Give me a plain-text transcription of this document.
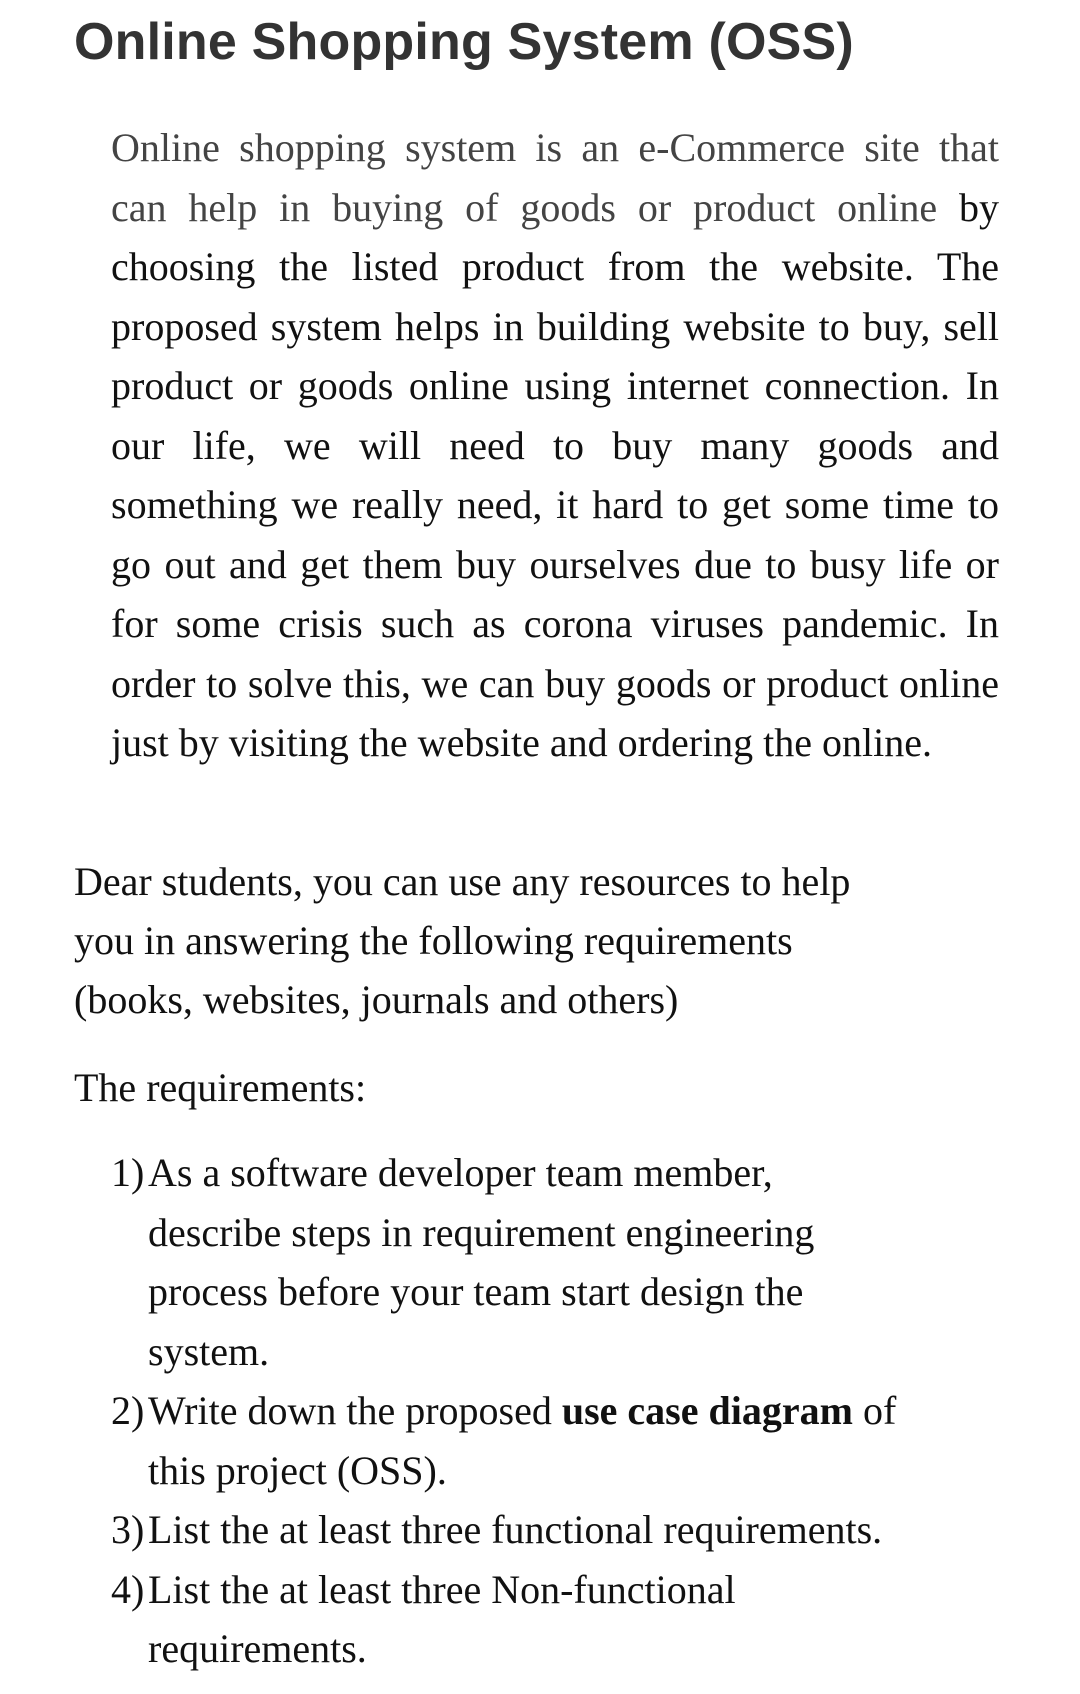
Online Shopping System (OSS)

Online shopping system is an e-Commerce site that can help in buying of goods or product online by choosing the listed product from the website. The proposed system helps in building website to buy, sell product or goods online using internet connection. In our life, we will need to buy many goods and something we really need, it hard to get some time to go out and get them buy ourselves due to busy life or for some crisis such as corona viruses pandemic. In order to solve this, we can buy goods or product online just by visiting the website and ordering the online.

Dear students, you can use any resources to help
you in answering the following requirements
(books, websites, journals and others)

The requirements:

1) As a software developer team member,
describe steps in requirement engineering
process before your team start design the
system.
2) Write down the proposed use case diagram of
this project (OSS).
3) List the at least three functional requirements.
4) List the at least three Non-functional
requirements.
